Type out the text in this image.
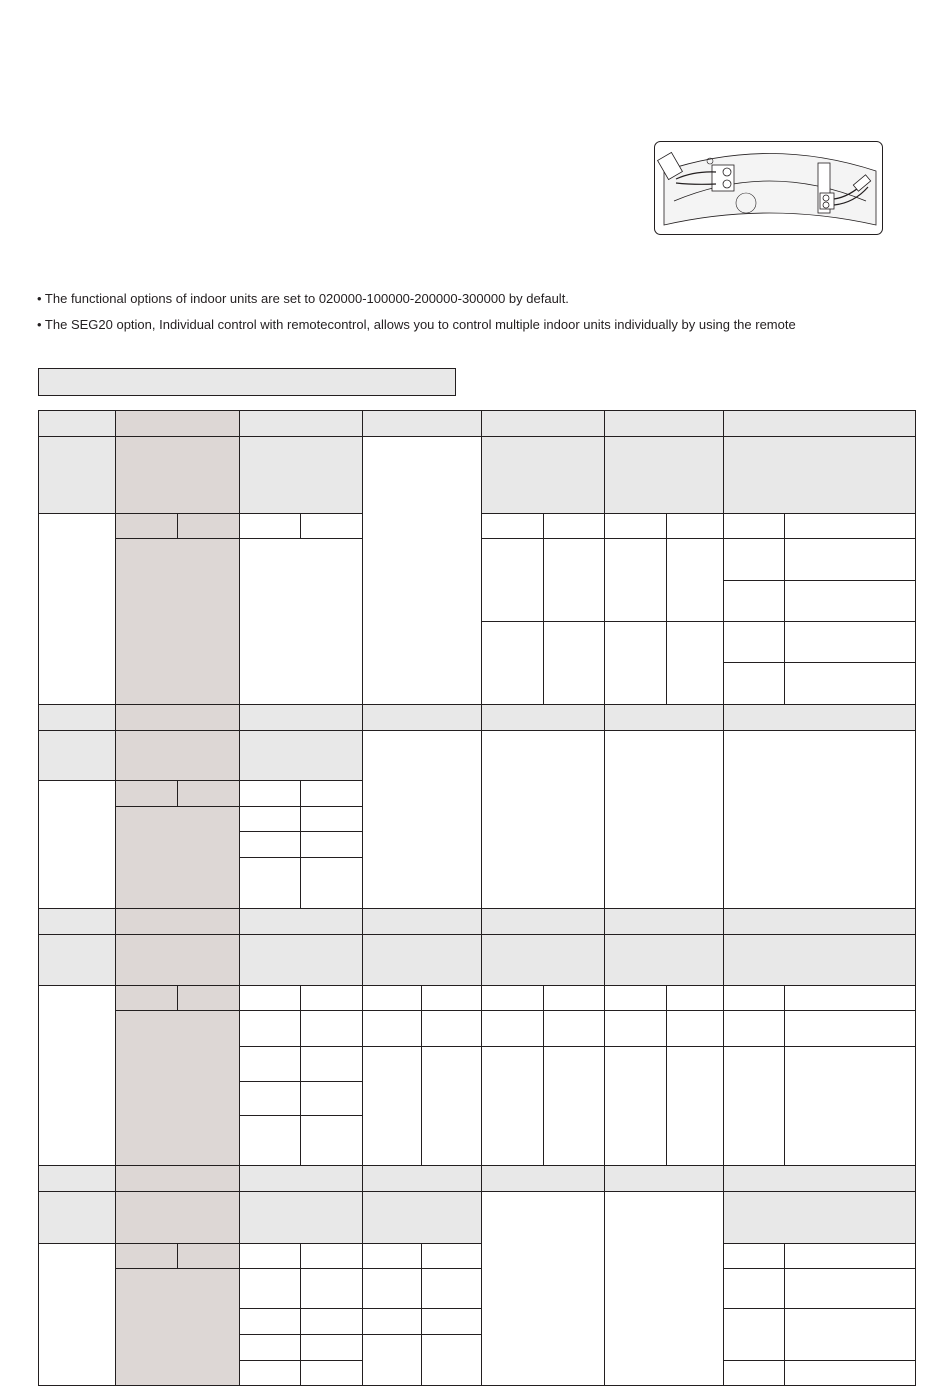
• The functional options of indoor units are set to 020000-100000-200000-300000 by default.
• The SEG20 option, Individual control with remotecontrol, allows you to control multiple indoor units individually by using the remote
